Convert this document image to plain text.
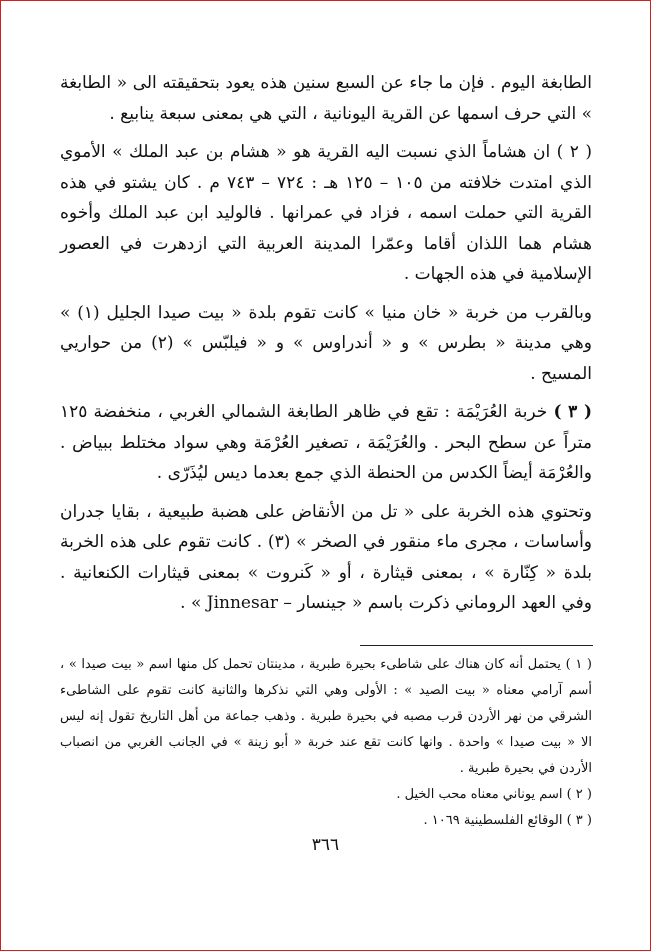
الطابغة اليوم . فإن ما جاء عن السبع سنين هذه يعود بتحقيقته الى « الطابغة » التي حرف اسمها عن القرية اليونانية ، التي هي بمعنى سبعة ينابيع .

( ٢ ) ان هشاماً الذي نسبت اليه القرية هو « هشام بن عبد الملك » الأموي الذي امتدت خلافته من ١٠٥ – ١٢٥ هـ : ٧٢٤ – ٧٤٣ م . كان يشتو في هذه القرية التي حملت اسمه ، فزاد في عمرانها . فالوليد ابن عبد الملك وأخوه هشام هما اللذان أقاما وعمّرا المدينة العربية التي ازدهرت في العصور الإسلامية في هذه الجهات .

وبالقرب من خربة « خان منيا » كانت تقوم بلدة « بيت صيدا الجليل (١) » وهي مدينة « بطرس » و « أندراوس » و « فيلبّس » (٢) من حواريي المسيح .

( ٣ ) خربة العُرَيْمَة : تقع في ظاهر الطابغة الشمالي الغربي ، منخفضة ١٢٥ متراً عن سطح البحر . والعُرَيْمَة ، تصغير العُرْمَة وهي سواد مختلط ببياض . والعُرْمَة أيضاً الكدس من الحنطة الذي جمع بعدما ديس ليُذَرّى .

وتحتوي هذه الخربة على « تل من الأنقاض على هضبة طبيعية ، بقايا جدران وأساسات ، مجرى ماء منقور في الصخر » (٣) . كانت تقوم على هذه الخربة بلدة « كِنّارة » ، بمعنى قيثارة ، أو « كَنروت » بمعنى قيثارات الكنعانية . وفي العهد الروماني ذكرت باسم « جينسار – Jinnesar » .

( ١ ) يحتمل أنه كان هناك على شاطىء بحيرة طبرية ، مدينتان تحمل كل منها اسم « بيت صيدا » ، أسم آرامي معناه « بيت الصيد » : الأولى وهي التي نذكرها والثانية كانت تقوم على الشاطىء الشرقي من نهر الأردن قرب مصبه في بحيرة طبرية . وذهب جماعة من أهل التاريخ تقول إنه ليس الا « بيت صيدا » واحدة . وانها كانت تقع عند خربة « أبو زينة » في الجانب الغربي من انصباب الأردن في بحيرة طبرية .

( ٢ ) اسم يوناني معناه محب الخيل .

( ٣ ) الوقائع الفلسطينية ١٠٦٩ .

٣٦٦
